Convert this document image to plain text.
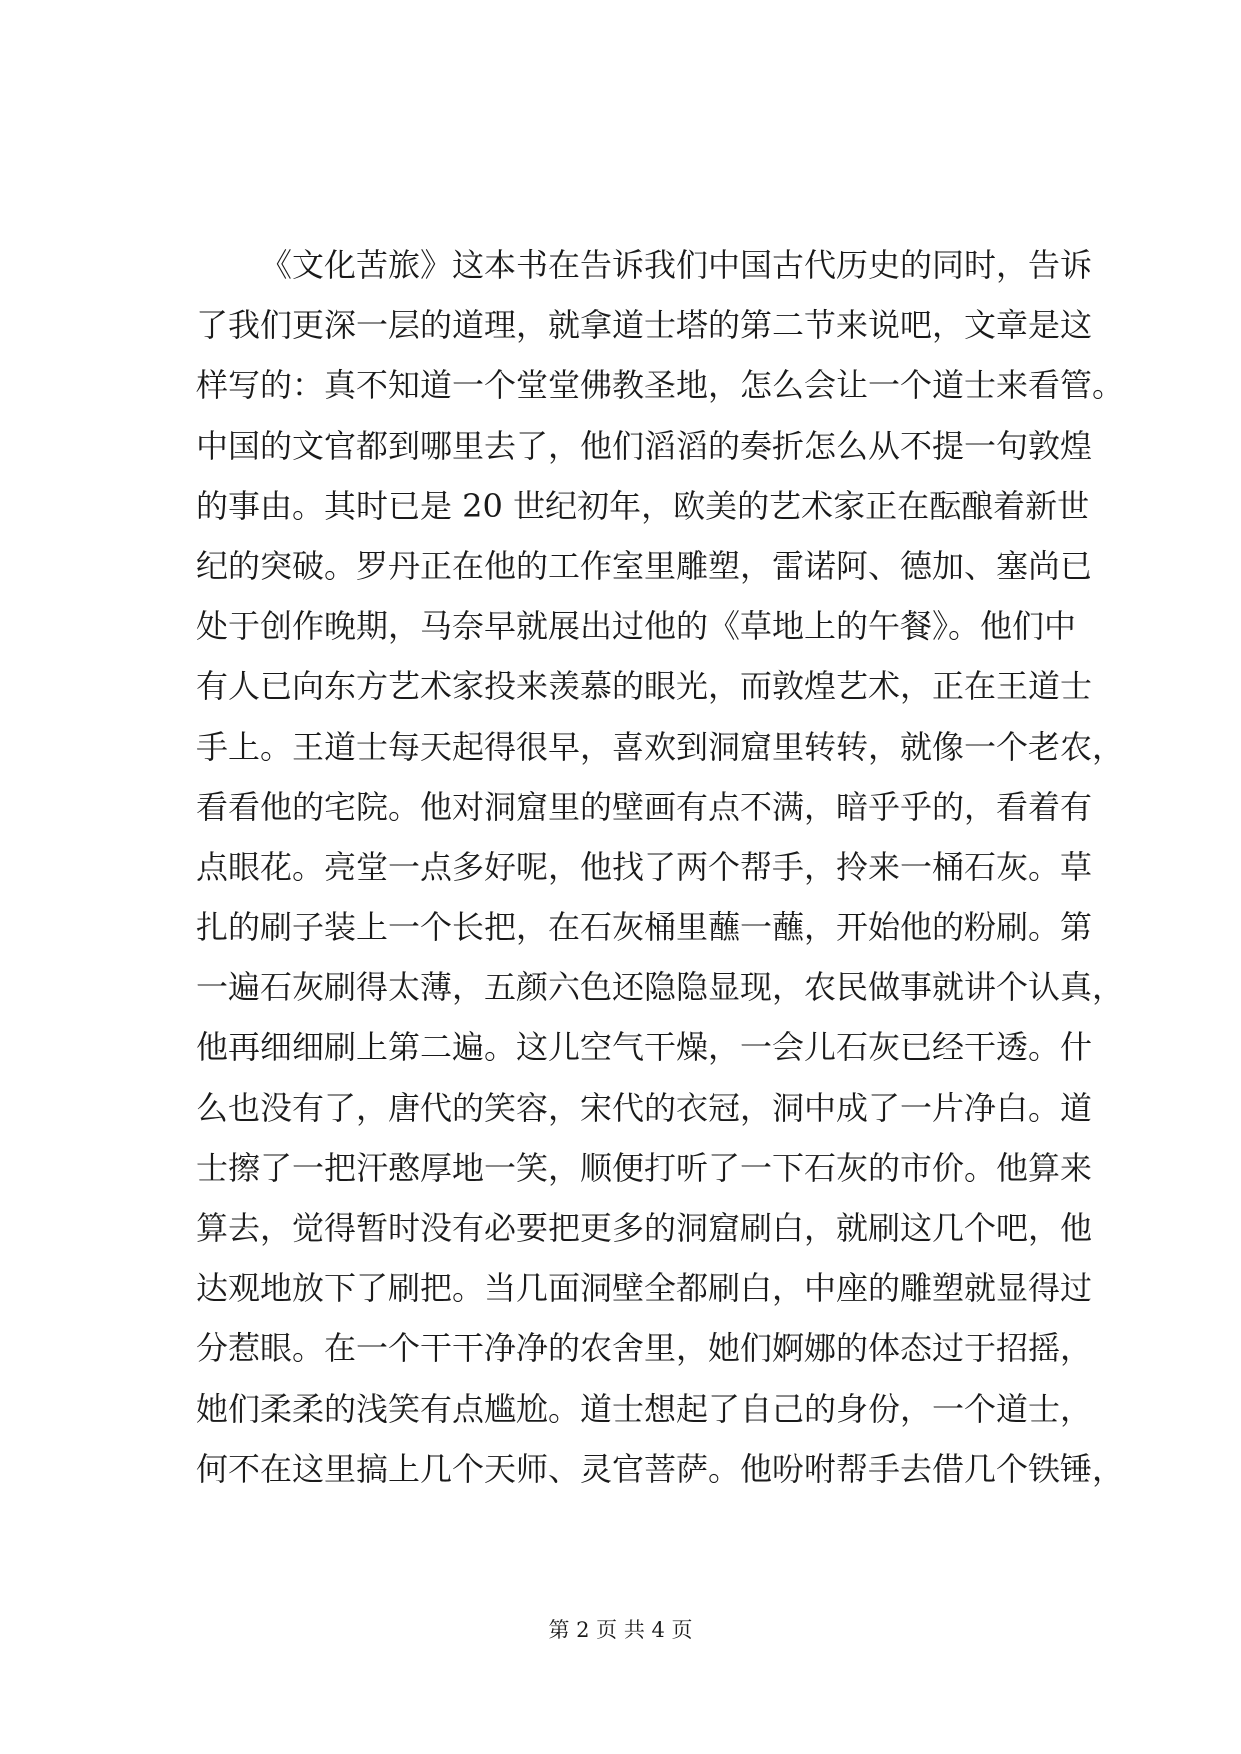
《文化苦旅》这本书在告诉我们中国古代历史的同时，告诉
了我们更深一层的道理，就拿道士塔的第二节来说吧，文章是这
样写的：真不知道一个堂堂佛教圣地，怎么会让一个道士来看管。
中国的文官都到哪里去了，他们滔滔的奏折怎么从不提一句敦煌
的事由。其时已是 20 世纪初年，欧美的艺术家正在酝酿着新世
纪的突破。罗丹正在他的工作室里雕塑，雷诺阿、德加、塞尚已
处于创作晚期，马奈早就展出过他的《草地上的午餐》。他们中
有人已向东方艺术家投来羡慕的眼光，而敦煌艺术，正在王道士
手上。王道士每天起得很早，喜欢到洞窟里转转，就像一个老农，
看看他的宅院。他对洞窟里的壁画有点不满，暗乎乎的，看着有
点眼花。亮堂一点多好呢，他找了两个帮手，拎来一桶石灰。草
扎的刷子装上一个长把，在石灰桶里蘸一蘸，开始他的粉刷。第
一遍石灰刷得太薄，五颜六色还隐隐显现，农民做事就讲个认真，
他再细细刷上第二遍。这儿空气干燥，一会儿石灰已经干透。什
么也没有了，唐代的笑容，宋代的衣冠，洞中成了一片净白。道
士擦了一把汗憨厚地一笑，顺便打听了一下石灰的市价。他算来
算去，觉得暂时没有必要把更多的洞窟刷白，就刷这几个吧，他
达观地放下了刷把。当几面洞壁全都刷白，中座的雕塑就显得过
分惹眼。在一个干干净净的农舍里，她们婀娜的体态过于招摇，
她们柔柔的浅笑有点尴尬。道士想起了自己的身份，一个道士，
何不在这里搞上几个天师、灵官菩萨。他吩咐帮手去借几个铁锤，
第 2 页 共 4 页
